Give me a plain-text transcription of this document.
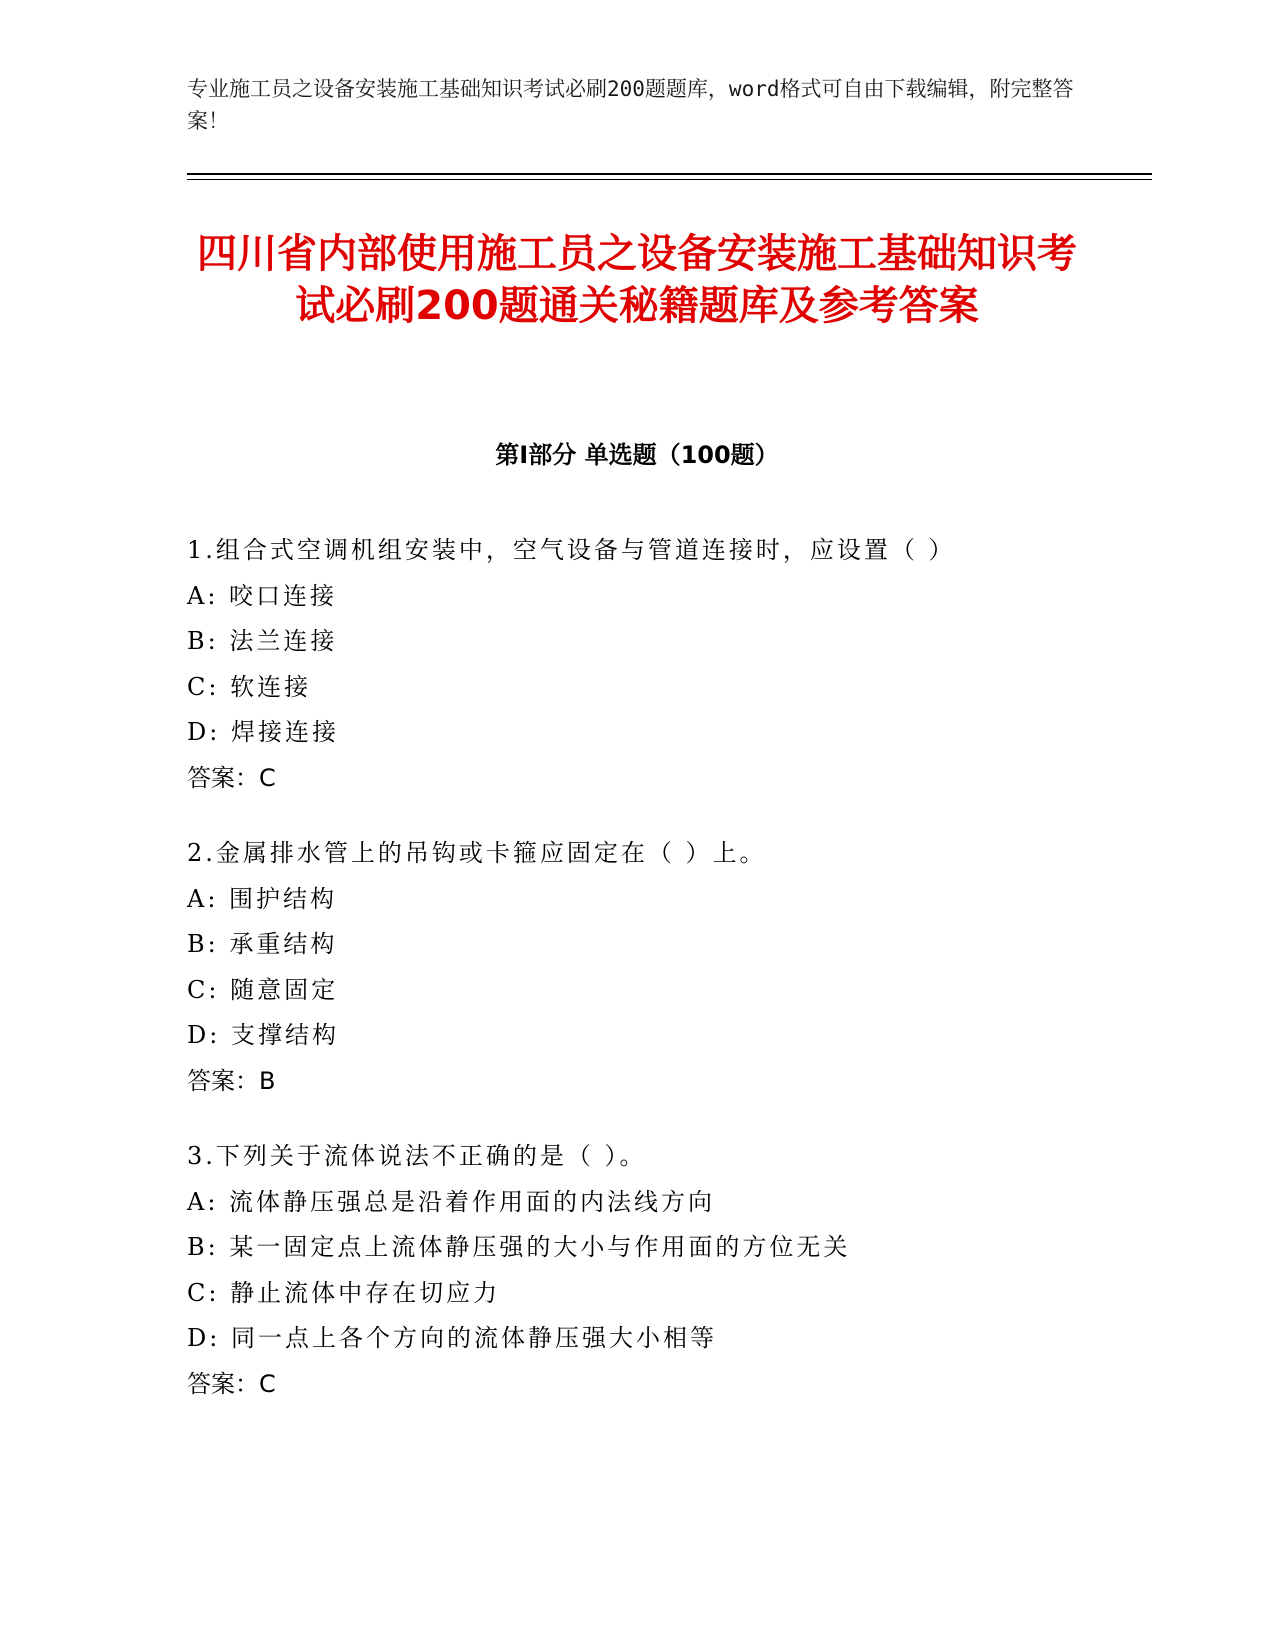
专业施工员之设备安装施工基础知识考试必刷200题题库，word格式可自由下载编辑，附完整答案！
四川省内部使用施工员之设备安装施工基础知识考试必刷200题通关秘籍题库及参考答案
第I部分 单选题（100题）
1.组合式空调机组安装中，空气设备与管道连接时，应设置（ ）
A: 咬口连接
B: 法兰连接
C: 软连接
D: 焊接连接
答案：C
2.金属排水管上的吊钩或卡箍应固定在（ ）上。
A: 围护结构
B: 承重结构
C: 随意固定
D: 支撑结构
答案：B
3.下列关于流体说法不正确的是（ ）。
A: 流体静压强总是沿着作用面的内法线方向
B: 某一固定点上流体静压强的大小与作用面的方位无关
C: 静止流体中存在切应力
D: 同一点上各个方向的流体静压强大小相等
答案：C
